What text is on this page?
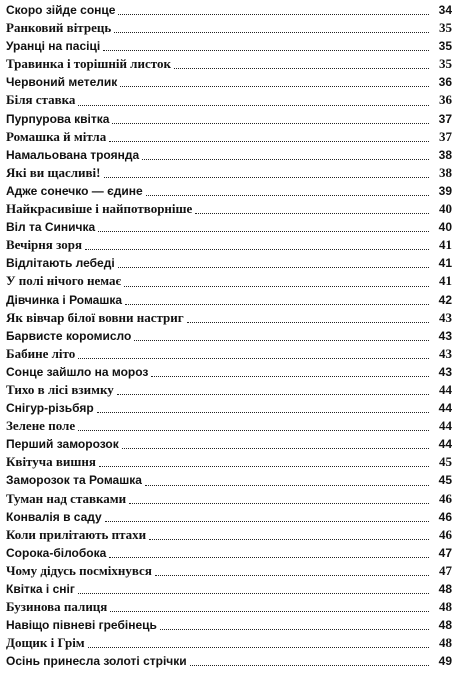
Скоро зійде сонце	34
Ранковий вітрець	35
Уранці на пасіці	35
Травинка і торішній листок	35
Червоний метелик	36
Біля ставка	36
Пурпурова квітка	37
Ромашка й мітла	37
Намальована троянда	38
Які ви щасливі!	38
Адже сонечко — єдине	39
Найкрасивіше і найпотворніше	40
Віл та Синичка	40
Вечірня зоря	41
Відлітають лебеді	41
У полі нічого немає	41
Дівчинка і Ромашка	42
Як вівчар білої вовни настриг	43
Барвисте коромисло	43
Бабине літо	43
Сонце зайшло на мороз	43
Тихо в лісі взимку	44
Снігур-різьбяр	44
Зелене поле	44
Перший заморозок	44
Квітуча вишня	45
Заморозок та Ромашка	45
Туман над ставками	46
Конвалія в саду	46
Коли прилітають птахи	46
Сорока-білобока	47
Чому дідусь посміхнувся	47
Квітка і сніг	48
Бузинова палиця	48
Навіщо півневі гребінець	48
Дощик і Грім	48
Осінь принесла золоті стрічки	49
